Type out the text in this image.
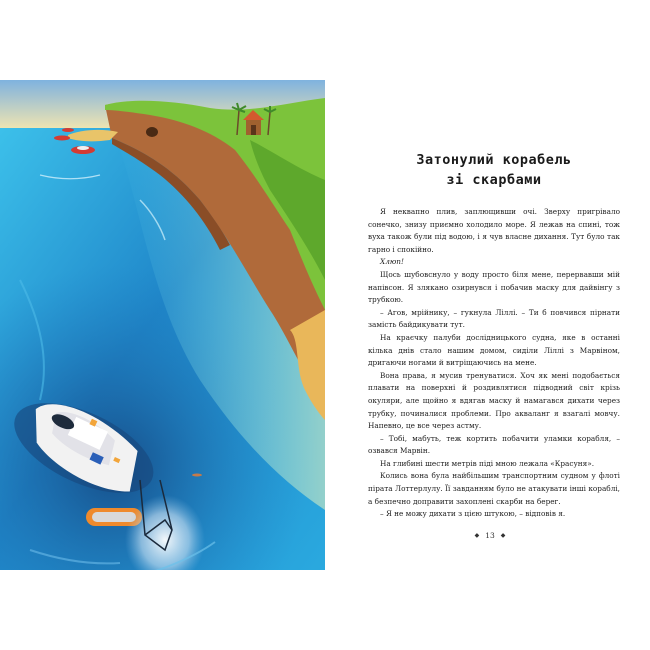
Затонулий корабель
зі скарбами

Я неквапно плив, заплющивши очі. Зверху пригрівало сонечко, знизу приємно холодило море. Я лежав на спині, тож вуха також були під водою, і я чув власне дихання. Тут було так гарно і спокійно.

Хлюп!

Щось шубовснуло у воду просто біля мене, перервавши мій напівсон. Я злякано озирнувся і побачив маску для дайвінгу з трубкою.

– Агов, мрійнику, – гукнула Ліллі. – Ти б повчився пірнати замість байдикувати тут.

На краєчку палуби дослідницького судна, яке в останні кілька днів стало нашим домом, сиділи Ліллі з Марвіном, дригаючи ногами й витріщаючись на мене.

Вона права, я мусив тренуватися. Хоч як мені подобається плавати на поверхні й роздивлятися підводний світ крізь окуляри, але щойно я вдягав маску й намагався дихати через трубку, починалися проблеми. Про акваланг я взагалі мовчу. Напевно, це все через астму.

– Тобі, мабуть, теж кортить побачити уламки корабля, – озвався Марвін.

На глибині шести метрів піді мною лежала «Красуня».

Колись вона була найбільшим транспортним судном у флоті пірата Лоттерлулу. Її завданням було не атакувати інші кораблі, а безпечно доправити захоплені скарби на берег.

– Я не можу дихати з цією штукою, – відповів я.

◆ 13 ◆
